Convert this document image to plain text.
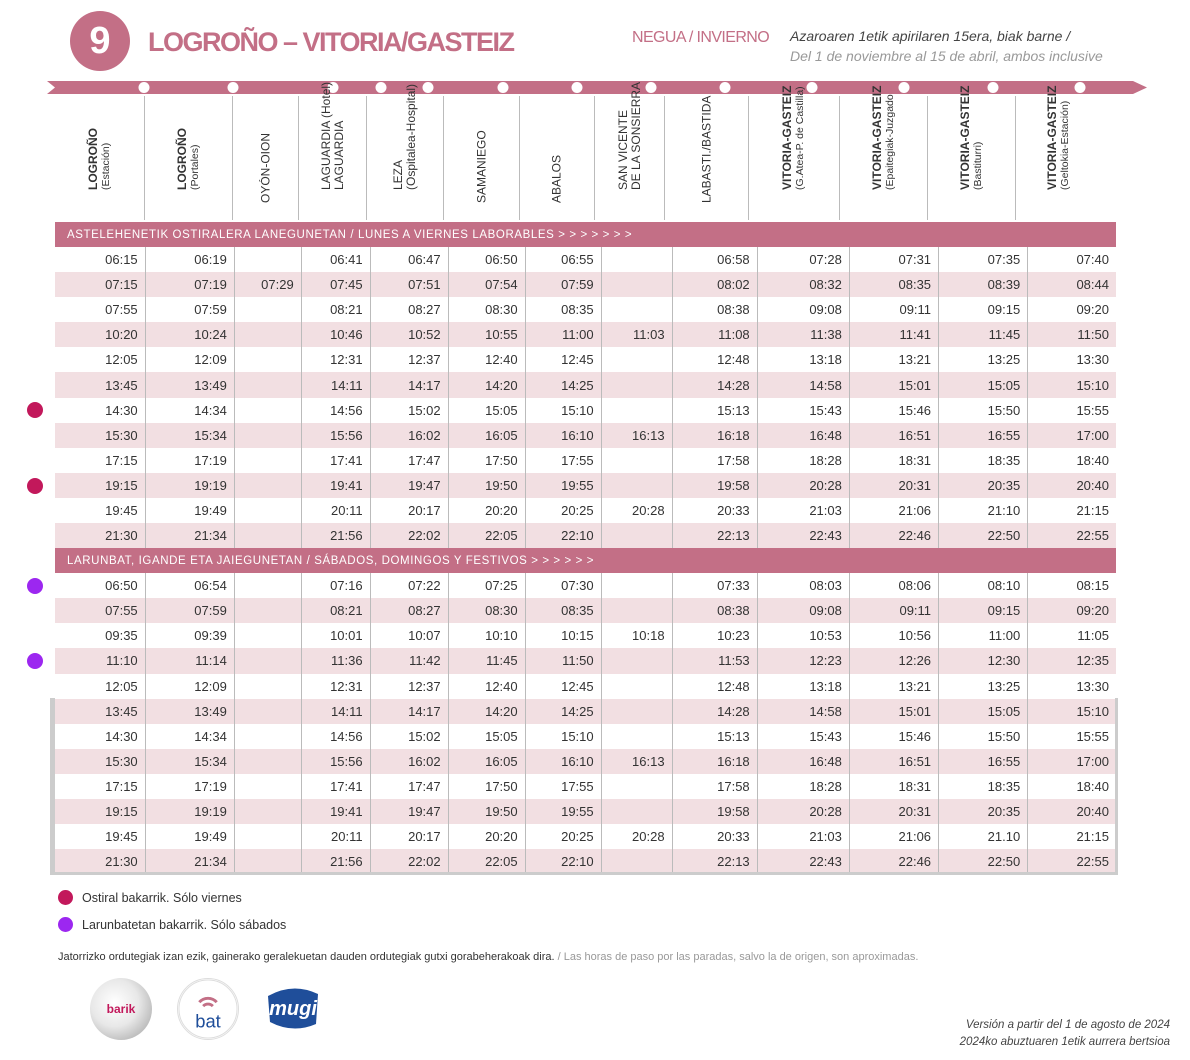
9 LOGROÑO – VITORIA/GASTEIZ	NEGUA / INVIERNO Azaroaren 1etik apirilaren 15era, biak barne /
Del 1 de noviembre al 15 de abril, ambos inclusive
LOGROÑO (Estación)	LOGROÑO (Portales)	OYÓN-OION	LAGUARDIA (Hotel) LAGUARDIA	LEZA (Ospitalea-Hospital)	SAMANIEGO	ABALOS	SAN VICENTE DE LA SONSIERRA	LABASTI./BASTIDA	VITORIA-GASTEIZ (G.Atea-P. de Castilla)	VITORIA-GASTEIZ (Epaitegiak-Juzgado	VITORIA-GASTEIZ (Bastiturri)	VITORIA-GASTEIZ (Geltokia-Estación)
ASTELEHENETIK OSTIRALERA LANEGUNETAN / LUNES A VIERNES LABORABLES > > > > > > >												
06:15	06:19		06:41	06:47	06:50	06:55		06:58	07:28	07:31	07:35	07:40
07:15	07:19	07:29	07:45	07:51	07:54	07:59		08:02	08:32	08:35	08:39	08:44
07:55	07:59		08:21	08:27	08:30	08:35		08:38	09:08	09:11	09:15	09:20
10:20	10:24		10:46	10:52	10:55	11:00	11:03	11:08	11:38	11:41	11:45	11:50
12:05	12:09		12:31	12:37	12:40	12:45		12:48	13:18	13:21	13:25	13:30
13:45	13:49		14:11	14:17	14:20	14:25		14:28	14:58	15:01	15:05	15:10
14:30	14:34		14:56	15:02	15:05	15:10		15:13	15:43	15:46	15:50	15:55
15:30	15:34		15:56	16:02	16:05	16:10	16:13	16:18	16:48	16:51	16:55	17:00
17:15	17:19		17:41	17:47	17:50	17:55		17:58	18:28	18:31	18:35	18:40
19:15	19:19		19:41	19:47	19:50	19:55		19:58	20:28	20:31	20:35	20:40
19:45	19:49		20:11	20:17	20:20	20:25	20:28	20:33	21:03	21:06	21:10	21:15
21:30	21:34		21:56	22:02	22:05	22:10		22:13	22:43	22:46	22:50	22:55
LARUNBAT, IGANDE ETA JAIEGUNETAN / SÁBADOS, DOMINGOS Y FESTIVOS > > > > > >												
06:50	06:54		07:16	07:22	07:25	07:30		07:33	08:03	08:06	08:10	08:15
07:55	07:59		08:21	08:27	08:30	08:35		08:38	09:08	09:11	09:15	09:20
09:35	09:39		10:01	10:07	10:10	10:15	10:18	10:23	10:53	10:56	11:00	11:05
11:10	11:14		11:36	11:42	11:45	11:50		11:53	12:23	12:26	12:30	12:35
12:05	12:09		12:31	12:37	12:40	12:45		12:48	13:18	13:21	13:25	13:30
13:45	13:49		14:11	14:17	14:20	14:25		14:28	14:58	15:01	15:05	15:10
14:30	14:34		14:56	15:02	15:05	15:10		15:13	15:43	15:46	15:50	15:55
15:30	15:34		15:56	16:02	16:05	16:10	16:13	16:18	16:48	16:51	16:55	17:00
17:15	17:19		17:41	17:47	17:50	17:55		17:58	18:28	18:31	18:35	18:40
19:15	19:19		19:41	19:47	19:50	19:55		19:58	20:28	20:31	20:35	20:40
19:45	19:49		20:11	20:17	20:20	20:25	20:28	20:33	21:03	21:06	21.10	21:15
21:30	21:34		21:56	22:02	22:05	22:10		22:13	22:43	22:46	22:50	22:55
Ostiral bakarrik. Sólo viernes
Larunbatetan bakarrik. Sólo sábados
Jatorrizko ordutegiak izan ezik, gainerako geralekuetan dauden ordutegiak gutxi gorabeherakoak dira. / Las horas de paso por las paradas, salvo la de origen, son aproximadas.
barik
bat
mugi
Versión a partir del 1 de agosto de 2024
2024ko abuztuaren 1etik aurrera bertsioa
